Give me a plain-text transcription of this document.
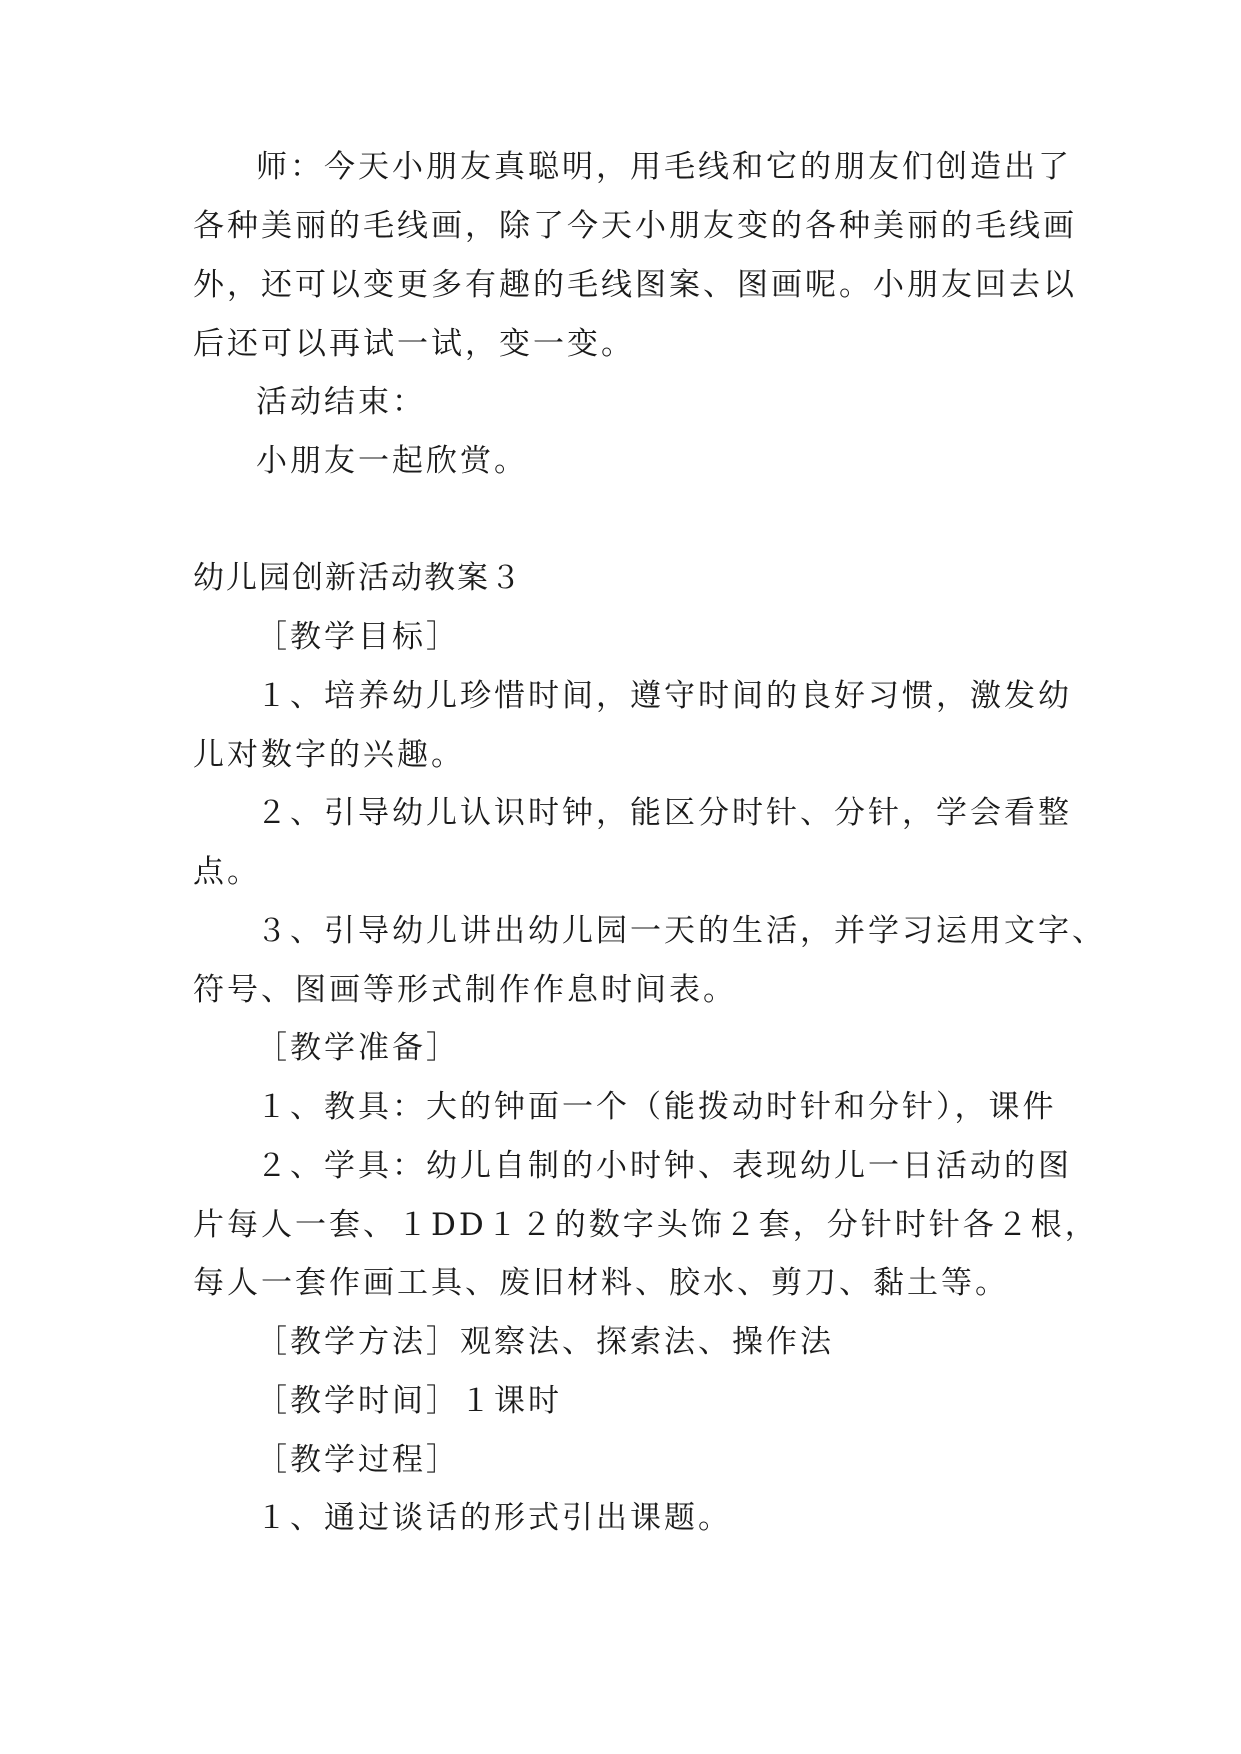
师：今天小朋友真聪明，用毛线和它的朋友们创造出了
各种美丽的毛线画，除了今天小朋友变的各种美丽的毛线画
外，还可以变更多有趣的毛线图案、图画呢。小朋友回去以
后还可以再试一试，变一变。
活动结束：
小朋友一起欣赏。
幼儿园创新活动教案３
［教学目标］
１、培养幼儿珍惜时间，遵守时间的良好习惯，激发幼
儿对数字的兴趣。
２、引导幼儿认识时钟，能区分时针、分针，学会看整
点。
３、引导幼儿讲出幼儿园一天的生活，并学习运用文字、
符号、图画等形式制作作息时间表。
［教学准备］
１、教具：大的钟面一个（能拨动时针和分针），课件
２、学具：幼儿自制的小时钟、表现幼儿一日活动的图
片每人一套、１DD１２的数字头饰２套，分针时针各２根，
每人一套作画工具、废旧材料、胶水、剪刀、黏土等。
［教学方法］观察法、探索法、操作法
［教学时间］１课时
［教学过程］
１、通过谈话的形式引出课题。
